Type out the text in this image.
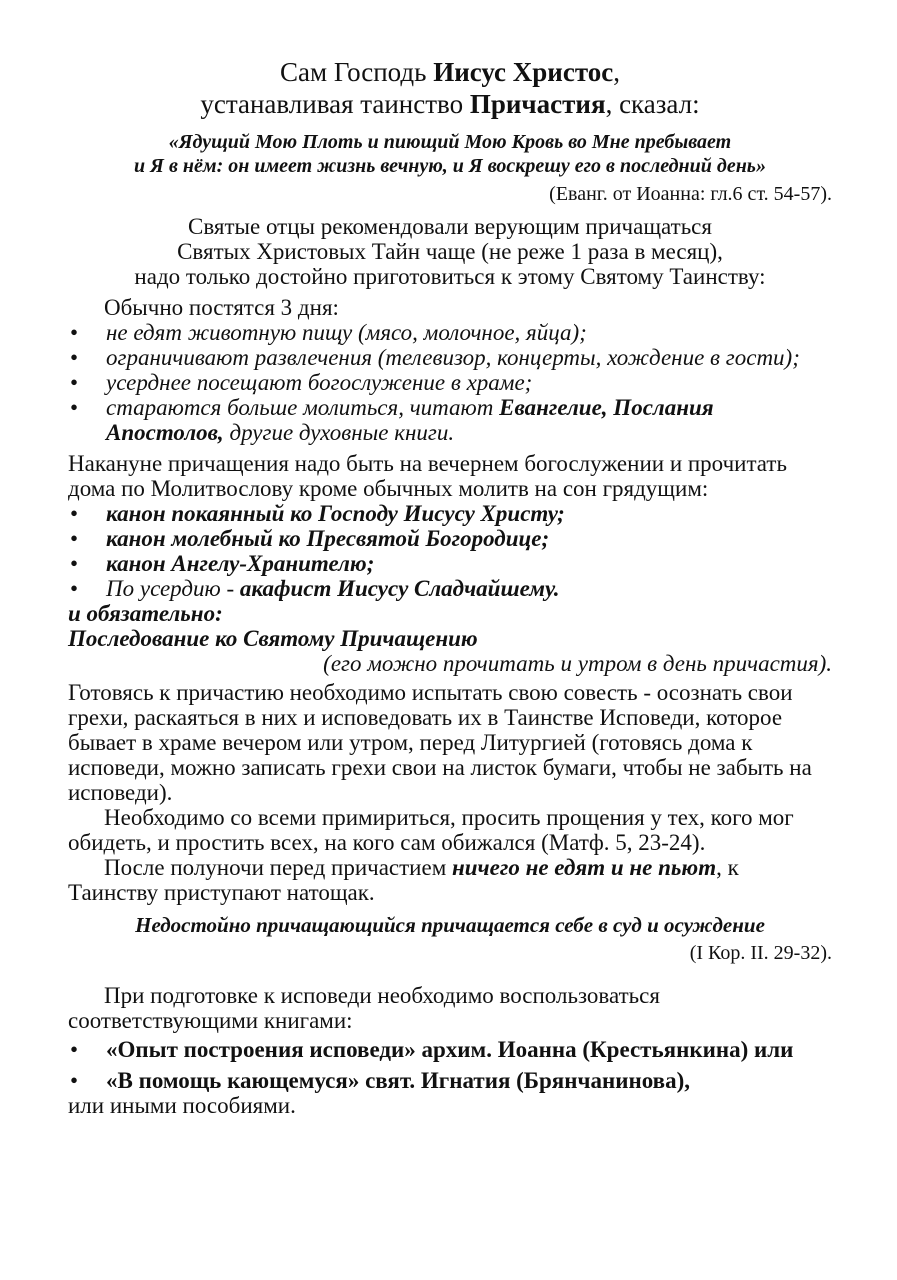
Сам Господь Иисус Христос,
устанавливая таинство Причастия, сказал:
«Ядущий Мою Плоть и пиющий Мою Кровь во Мне пребывает
и Я в нём: он имеет жизнь вечную, и Я воскрешу его в последний день»
(Еванг. от Иоанна: гл.6 ст. 54-57).
Святые отцы рекомендовали верующим причащаться
Святых Христовых Тайн чаще (не реже 1 раза в месяц),
надо только достойно приготовиться к этому Святому Таинству:
Обычно постятся 3 дня:
• не едят животную пищу (мясо, молочное, яйца);
• ограничивают развлечения (телевизор, концерты, хождение в гости);
• усерднее посещают богослужение в храме;
• стараются больше молиться, читают Евангелие, Послания Апостолов, другие духовные книги.
Накануне причащения надо быть на вечернем богослужении и прочитать дома по Молитвослову кроме обычных молитв на сон грядущим:
• канон покаянный ко Господу Иисусу Христу;
• канон молебный ко Пресвятой Богородице;
• канон Ангелу-Хранителю;
• По усердию - акафист Иисусу Сладчайшему.
и обязательно:
Последование ко Святому Причащению
(его можно прочитать и утром в день причастия).
Готовясь к причастию необходимо испытать свою совесть - осознать свои грехи, раскаяться в них и исповедовать их в Таинстве Исповеди, которое бывает в храме вечером или утром, перед Литургией (готовясь дома к исповеди, можно записать грехи свои на листок бумаги, чтобы не забыть на исповеди).
Необходимо со всеми примириться, просить прощения у тех, кого мог обидеть, и простить всех, на кого сам обижался (Матф. 5, 23-24).
После полуночи перед причастием ничего не едят и не пьют, к Таинству приступают натощак.
Недостойно причащающийся причащается себе в суд и осуждение
(I Кор. II. 29-32).
При подготовке к исповеди необходимо воспользоваться соответствующими книгами:
• «Опыт построения исповеди» архим. Иоанна (Крестьянкина) или
• «В помощь кающемуся» свят. Игнатия (Брянчанинова),
или иными пособиями.
